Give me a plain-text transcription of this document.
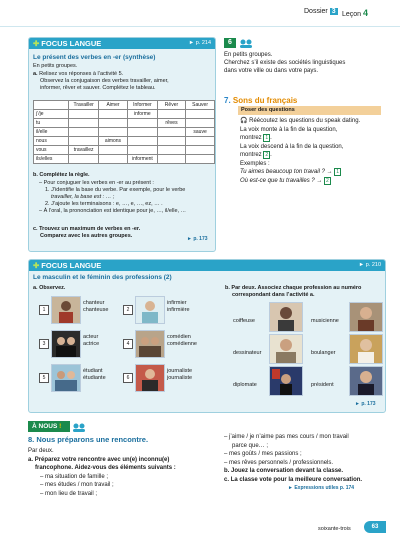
Dossier 3 Leçon 4
✚ FOCUS LANGUE	► p. 214
Le présent des verbes en -er (synthèse)
En petits groupes.
a. Relisez vos réponses à l’activité 5.
Observez la conjugaison des verbes travailler, aimer,
informer, rêver et sauver. Complétez le tableau.
	Travailler	Aimer	Informer	Rêver	Sauver
j’/je			informe		
tu				rêves	
il/elle					sauve
nous		aimons			
vous	travaillez				
ils/elles			informent		
b. Complétez la règle.
– Pour conjuguer les verbes en -er au présent :
1. J’identifie la base du verbe. Par exemple, pour le verbe
travailler, la base est : … ;
2. J’ajoute les terminaisons : e, …, e, …, ez, … .
– À l’oral, la prononciation est identique pour je, …, il/elle, …
c. Trouvez un maximum de verbes en -er.
Comparez avec les autres groupes.	► p. 173
6
En petits groupes.
Cherchez s’il existe des sociétés linguistiques
dans votre ville ou dans votre pays.
7. Sons du français
Poser des questions
🎧 Réécoutez les questions du speak dating.
La voix monte à la fin de la question,
montrez 1 .
La voix descend à la fin de la question,
montrez 2 .
Exemples :
Tu aimes beaucoup ton travail ? → 1
Où est-ce que tu travailles ? → 2
✚ FOCUS LANGUE	► p. 210
Le masculin et le féminin des professions (2)
a. Observez.
1
chanteur
chanteuse
3
acteur
actrice
5
étudiant
étudiante
2
infirmier
infirmière
4
comédien
comédienne
6
journaliste
journaliste
b. Par deux. Associez chaque profession au numéro
correspondant dans l’activité a.
coiffeuse	musicienne
dessinateur	boulanger
diplomate	président
► p. 173
À NOUS !
8. Nous préparons une rencontre.
Par deux.
a. Préparez votre rencontre avec un(e) inconnu(e)
francophone. Aidez-vous des éléments suivants :
– ma situation de famille ;
– mes études / mon travail ;
– mon lieu de travail ;
– j’aime / je n’aime pas mes cours / mon travail
parce que… ;
– mes goûts / mes passions ;
– mes rêves personnels / professionnels.
b. Jouez la conversation devant la classe.
c. La classe vote pour la meilleure conversation.
► Expressions utiles p. 174
soixante-trois	63
